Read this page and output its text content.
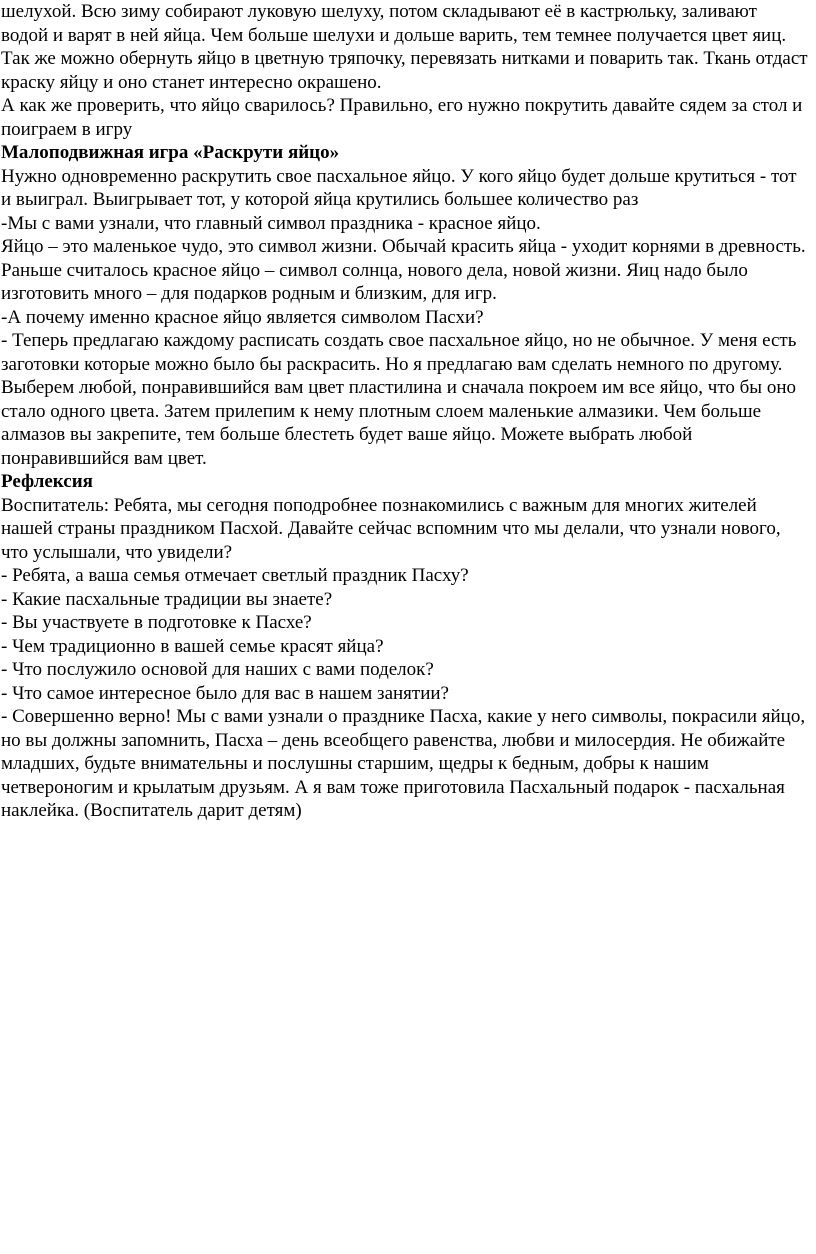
шелухой. Всю зиму собирают луковую шелуху, потом складывают её в кастрюльку, заливают водой и варят в ней яйца. Чем больше шелухи и дольше варить, тем темнее получается цвет яиц. Так же можно обернуть яйцо в цветную тряпочку, перевязать нитками и поварить так. Ткань отдаст краску яйцу и оно станет интересно окрашено.

А как же проверить, что яйцо сварилось? Правильно, его нужно покрутить давайте сядем за стол и поиграем в игру

Малоподвижная игра «Раскрути яйцо»

Нужно одновременно раскрутить свое пасхальное яйцо. У кого яйцо будет дольше крутиться - тот и выиграл. Выигрывает тот, у которой яйца крутились большее количество раз

-Мы с вами узнали, что главный символ праздника - красное яйцо.

Яйцо – это маленькое чудо, это символ жизни. Обычай красить яйца - уходит корнями в древность. Раньше считалось красное яйцо – символ солнца, нового дела, новой жизни. Яиц надо было изготовить много – для подарков родным и близким, для игр.

-А почему именно красное яйцо является символом Пасхи?

- Теперь предлагаю каждому расписать создать свое пасхальное яйцо, но не обычное. У меня есть заготовки которые можно было бы раскрасить. Но я предлагаю вам сделать немного по другому. Выберем любой, понравившийся вам цвет пластилина и сначала покроем им все яйцо, что бы оно стало одного цвета. Затем прилепим к нему плотным слоем маленькие алмазики. Чем больше алмазов вы закрепите, тем больше блестеть будет ваше яйцо. Можете выбрать любой понравившийся вам цвет.

Рефлексия

Воспитатель: Ребята, мы сегодня поподробнее познакомились с важным для многих жителей нашей страны праздником Пасхой. Давайте сейчас вспомним что мы делали, что узнали нового, что услышали, что увидели?

- Ребята, а ваша семья отмечает светлый праздник Пасху?

- Какие пасхальные традиции вы знаете?

- Вы участвуете в подготовке к Пасхе?

- Чем традиционно в вашей семье красят яйца?

- Что послужило основой для наших с вами поделок?

- Что самое интересное было для вас в нашем занятии?

- Совершенно верно! Мы с вами узнали о празднике Пасха, какие у него символы, покрасили яйцо, но вы должны запомнить, Пасха – день всеобщего равенства, любви и милосердия. Не обижайте младших, будьте внимательны и послушны старшим, щедры к бедным, добры к нашим четвероногим и крылатым друзьям. А я вам тоже приготовила Пасхальный подарок - пасхальная наклейка. (Воспитатель дарит детям)
